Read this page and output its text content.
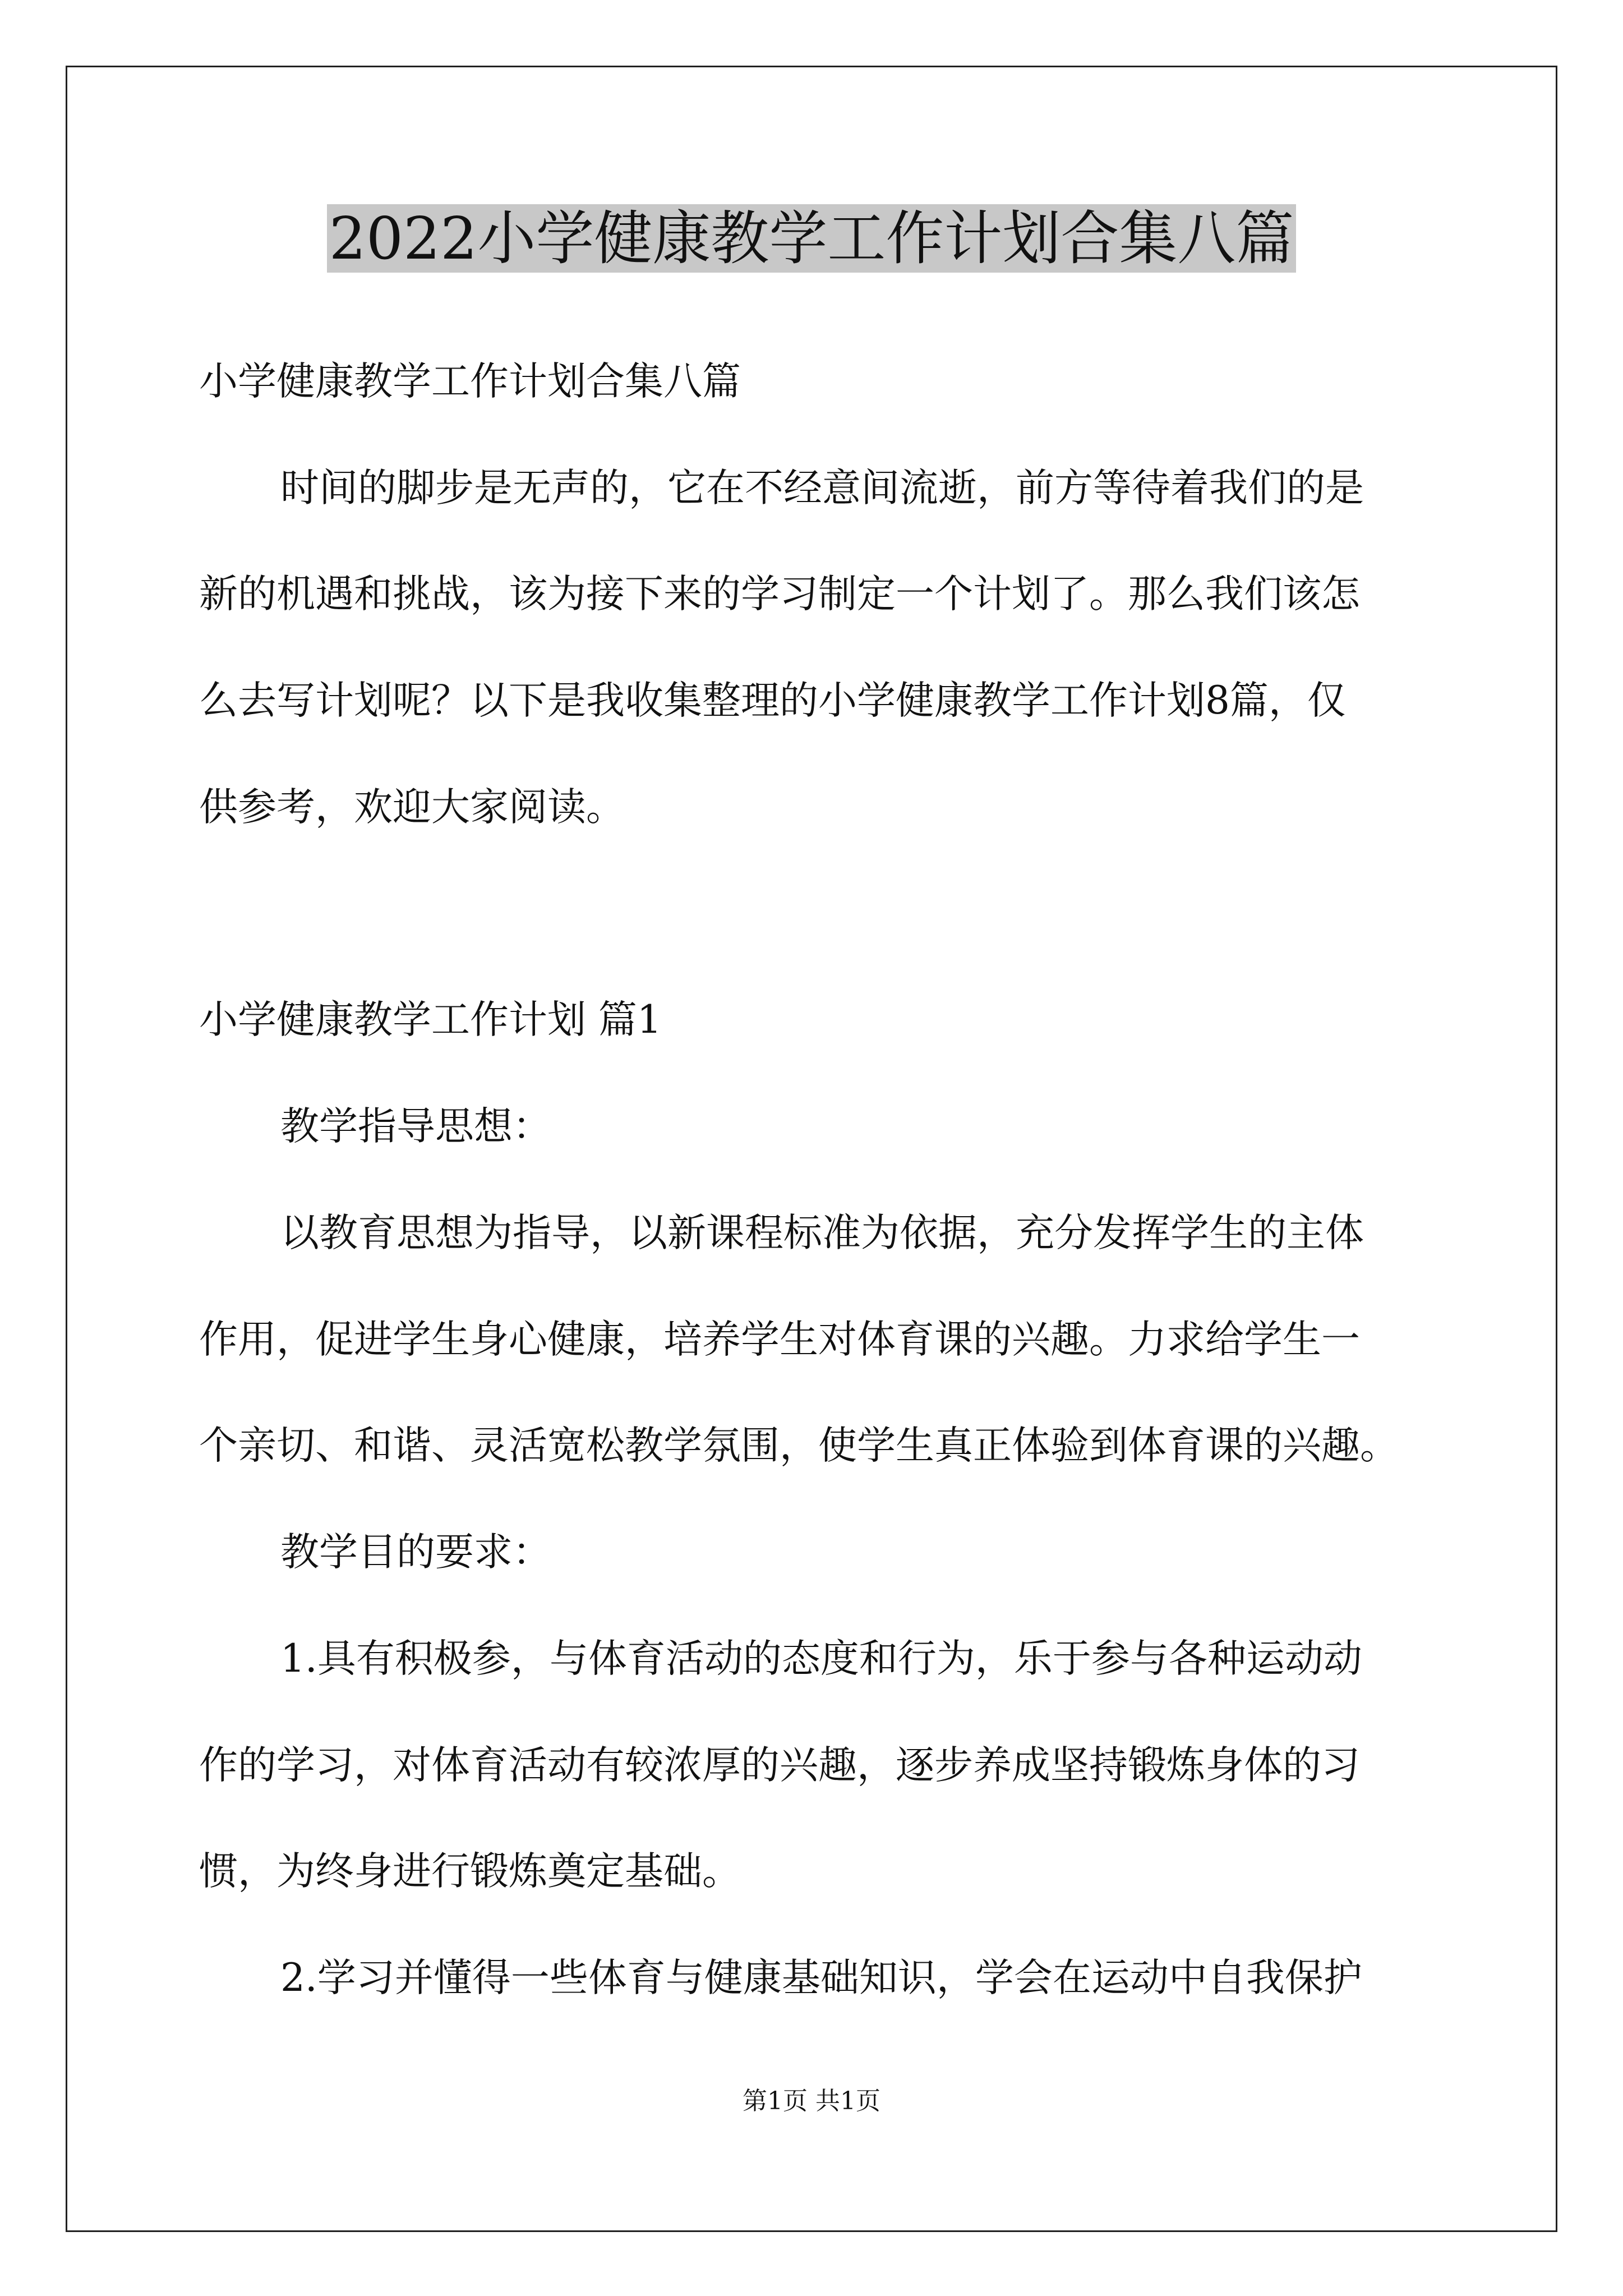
2022小学健康教学工作计划合集八篇
小学健康教学工作计划合集八篇
时间的脚步是无声的，它在不经意间流逝，前方等待着我们的是
新的机遇和挑战，该为接下来的学习制定一个计划了。那么我们该怎
么去写计划呢？以下是我收集整理的小学健康教学工作计划8篇，仅
供参考，欢迎大家阅读。
小学健康教学工作计划 篇1
教学指导思想：
以教育思想为指导，以新课程标准为依据，充分发挥学生的主体
作用，促进学生身心健康，培养学生对体育课的兴趣。力求给学生一
个亲切、和谐、灵活宽松教学氛围，使学生真正体验到体育课的兴趣。
教学目的要求：
1.具有积极参，与体育活动的态度和行为，乐于参与各种运动动
作的学习，对体育活动有较浓厚的兴趣，逐步养成坚持锻炼身体的习
惯，为终身进行锻炼奠定基础。
2.学习并懂得一些体育与健康基础知识，学会在运动中自我保护
第1页 共1页
